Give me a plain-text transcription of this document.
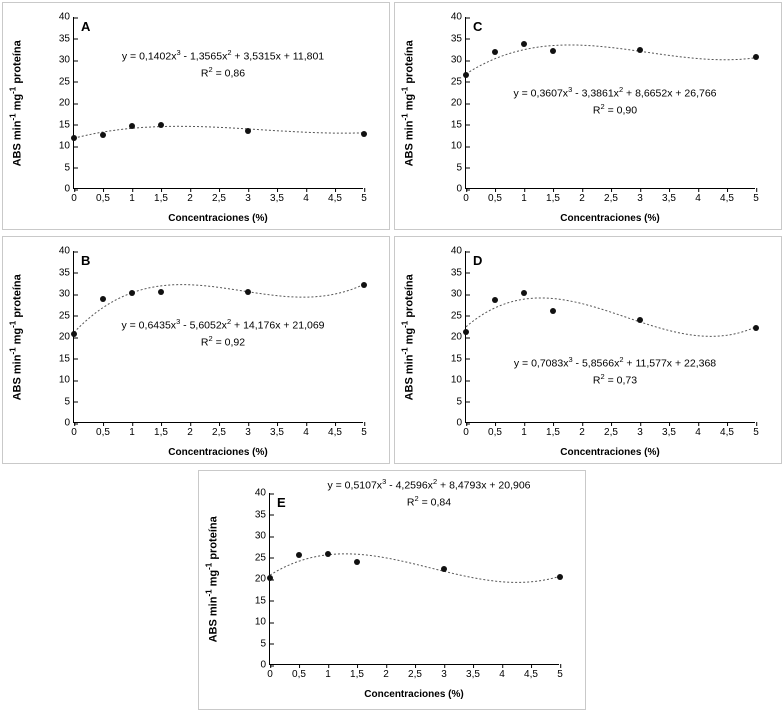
ABS $\min^{-1} mg^{-1}$ proteína
0
5
10
15
20
25
30
35
40
0 0,5 1 1,5 2 2,5 3 3,5 4 4,5 5
Concentraciones (%)
A
$y = 0,1402x^3 - 1,3565x^2 + 3,5315x + 11,801$
$R^2 = 0,86$
ABS $\min^{-1} mg^{-1}$ proteína
0
5
10
15
20
25
30
35
40
0 0,5 1 1,5 2 2,5 3 3,5 4 4,5 5
Concentraciones (%)
C
$y = 0,3607x^3 - 3,3861x^2 + 8,6652x + 26,766$
$R^2 = 0,90$
ABS $\min^{-1} mg^{-1}$ proteína
0
5
10
15
20
25
30
35
40
0 0,5 1 1,5 2 2,5 3 3,5 4 4,5 5
Concentraciones (%)
B
$y = 0,6435x^3 - 5,6052x^2 + 14,176x + 21,069$
$R^2 = 0,92$
ABS $\min^{-1} mg^{-1}$ proteína
0
5
10
15
20
25
30
35
40
0 0,5 1 1,5 2 2,5 3 3,5 4 4,5 5
Concentraciones (%)
D
$y = 0,7083x^3 - 5,8566x^2 + 11,577x + 22,368$
$R^2 = 0,73$
ABS $\min^{-1} mg^{-1}$ proteína
0
5
10
15
20
25
30
35
40
0 0,5 1 1,5 2 2,5 3 3,5 4 4,5 5
Concentraciones (%)
E
$y = 0,5107x^3 - 4,2596x^2 + 8,4793x + 20,906$
$R^2 = 0,84$
